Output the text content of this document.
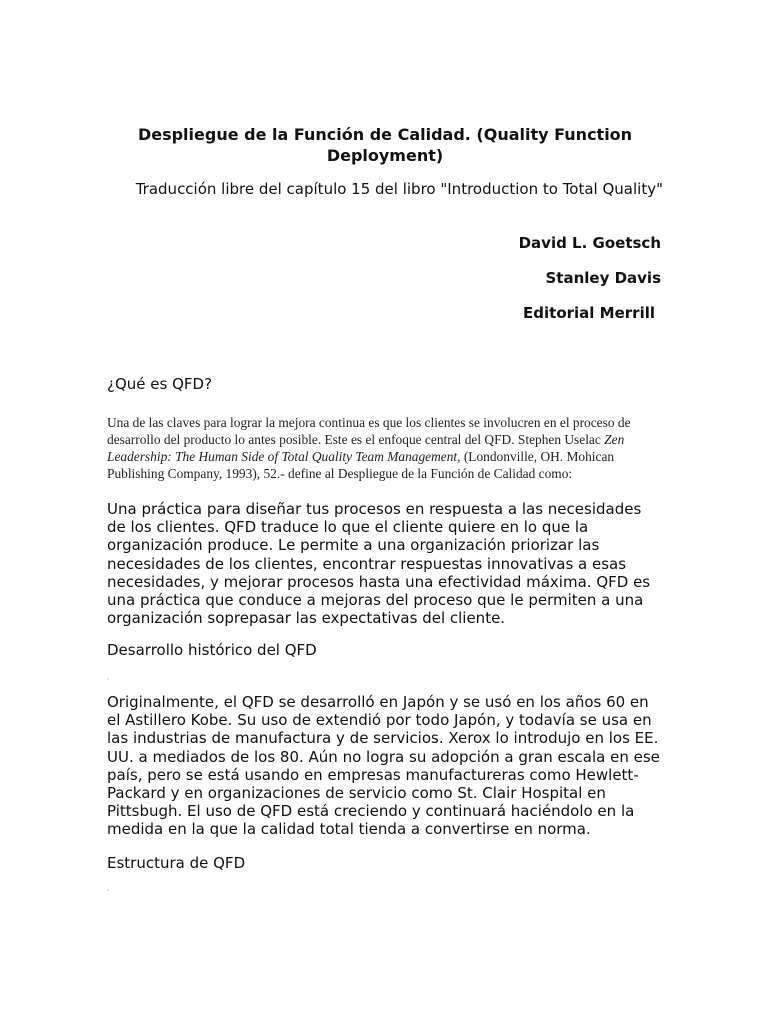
Despliegue de la Función de Calidad. (Quality Function Deployment)

Traducción libre del capítulo 15 del libro "Introduction to Total Quality"

David L. Goetsch

Stanley Davis

Editorial Merrill

¿Qué es QFD?

Una de las claves para lograr la mejora continua es que los clientes se involucren en el proceso de desarrollo del producto lo antes posible. Este es el enfoque central del QFD. Stephen Uselac Zen Leadership: The Human Side of Total Quality Team Management, (Londonville, OH. Mohican Publishing Company, 1993), 52.- define al Despliegue de la Función de Calidad como:

Una práctica para diseñar tus procesos en respuesta a las necesidades de los clientes. QFD traduce lo que el cliente quiere en lo que la organización produce. Le permite a una organización priorizar las necesidades de los clientes, encontrar respuestas innovativas a esas necesidades, y mejorar procesos hasta una efectividad máxima. QFD es una práctica que conduce a mejoras del proceso que le permiten a una organización soprepasar las expectativas del cliente.

Desarrollo histórico del QFD

Originalmente, el QFD se desarrolló en Japón y se usó en los años 60 en el Astillero Kobe. Su uso de extendió por todo Japón, y todavía se usa en las industrias de manufactura y de servicios. Xerox lo introdujo en los EE. UU. a mediados de los 80. Aún no logra su adopción a gran escala en ese país, pero se está usando en empresas manufactureras como Hewlett-Packard y en organizaciones de servicio como St. Clair Hospital en Pittsbugh. El uso de QFD está creciendo y continuará haciéndolo en la medida en la que la calidad total tienda a convertirse en norma.

Estructura de QFD
